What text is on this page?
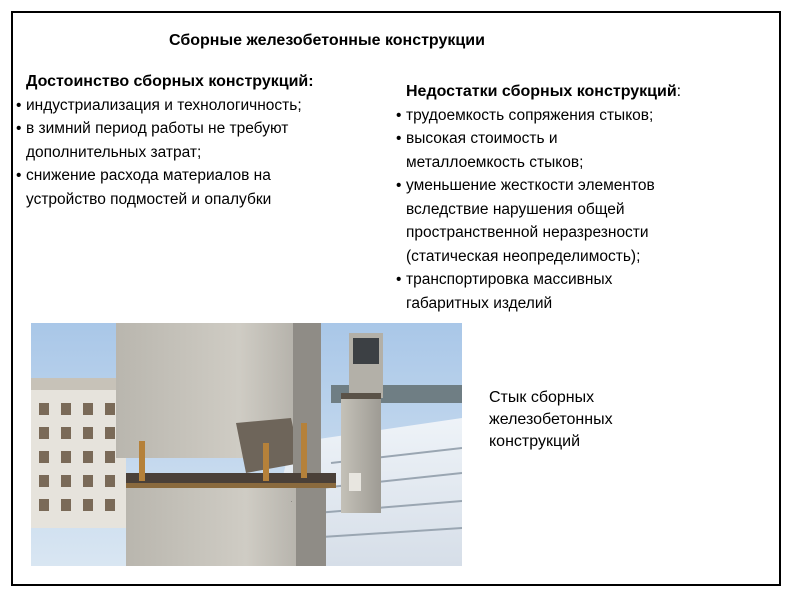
Сборные железобетонные конструкции
Достоинство сборных конструкций:
• индустриализация и технологичность;
• в зимний период работы не требуют
дополнительных затрат;
• снижение расхода материалов на
устройство подмостей и опалубки
Недостатки сборных конструкций:
• трудоемкость сопряжения стыков;
• высокая стоимость и
металлоемкость стыков;
• уменьшение жесткости элементов
вследствие нарушения общей
пространственной неразрезности
(статическая неопределимость);
• транспортировка массивных
габаритных изделий
Стык сборных
железобетонных
конструкций
